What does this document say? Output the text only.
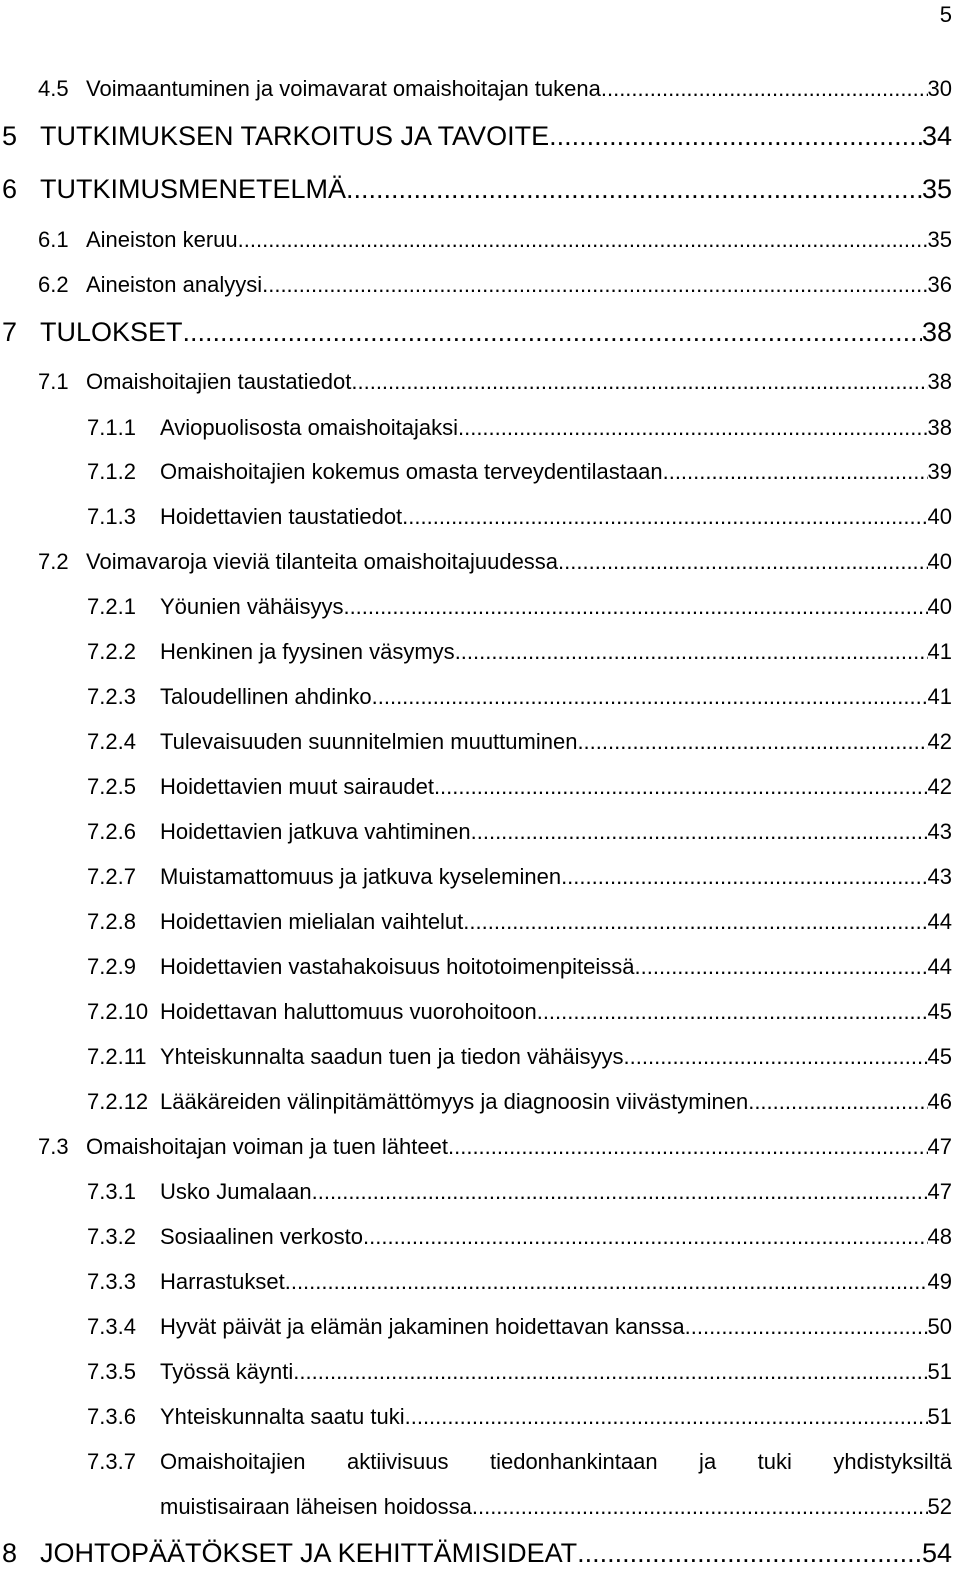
5
4.5 Voimaantuminen ja voimavarat omaishoitajan tukena .....	30
5 TUTKIMUKSEN TARKOITUS JA TAVOITE .....	34
6 TUTKIMUSMENETELMÄ .....	35
6.1 Aineiston keruu .....	35
6.2 Aineiston analyysi .....	36
7 TULOKSET .....	38
7.1 Omaishoitajien taustatiedot .....	38
7.1.1	Aviopuolisosta omaishoitajaksi .....	38
7.1.2	Omaishoitajien kokemus omasta terveydentilastaan .....	39
7.1.3	Hoidettavien taustatiedot .....	40
7.2 Voimavaroja vieviä tilanteita omaishoitajuudessa .....	40
7.2.1	Yöunien vähäisyys .....	40
7.2.2	Henkinen ja fyysinen väsymys .....	41
7.2.3	Taloudellinen ahdinko .....	41
7.2.4	Tulevaisuuden suunnitelmien muuttuminen .....	42
7.2.5	Hoidettavien muut sairaudet .....	42
7.2.6	Hoidettavien jatkuva vahtiminen .....	43
7.2.7	Muistamattomuus ja jatkuva kyseleminen .....	43
7.2.8	Hoidettavien mielialan vaihtelut .....	44
7.2.9	Hoidettavien vastahakoisuus hoitotoimenpiteissä .....	44
7.2.10 Hoidettavan haluttomuus vuorohoitoon .....	45
7.2.11 Yhteiskunnalta saadun tuen ja tiedon vähäisyys .....	45
7.2.12 Lääkäreiden välinpitämättömyys ja diagnoosin viivästyminen .....	46
7.3 Omaishoitajan voiman ja tuen lähteet .....	47
7.3.1	Usko Jumalaan .....	47
7.3.2	Sosiaalinen verkosto .....	48
7.3.3	Harrastukset .....	49
7.3.4	Hyvät päivät ja elämän jakaminen hoidettavan kanssa .....	50
7.3.5	Työssä käynti .....	51
7.3.6	Yhteiskunnalta saatu tuki .....	51
7.3.7	Omaishoitajien aktiivisuus tiedonhankintaan ja tuki yhdistyksiltä
muistisairaan läheisen hoidossa .....	52
8 JOHTOPÄÄTÖKSET JA KEHITTÄMISIDEAT .....	54
